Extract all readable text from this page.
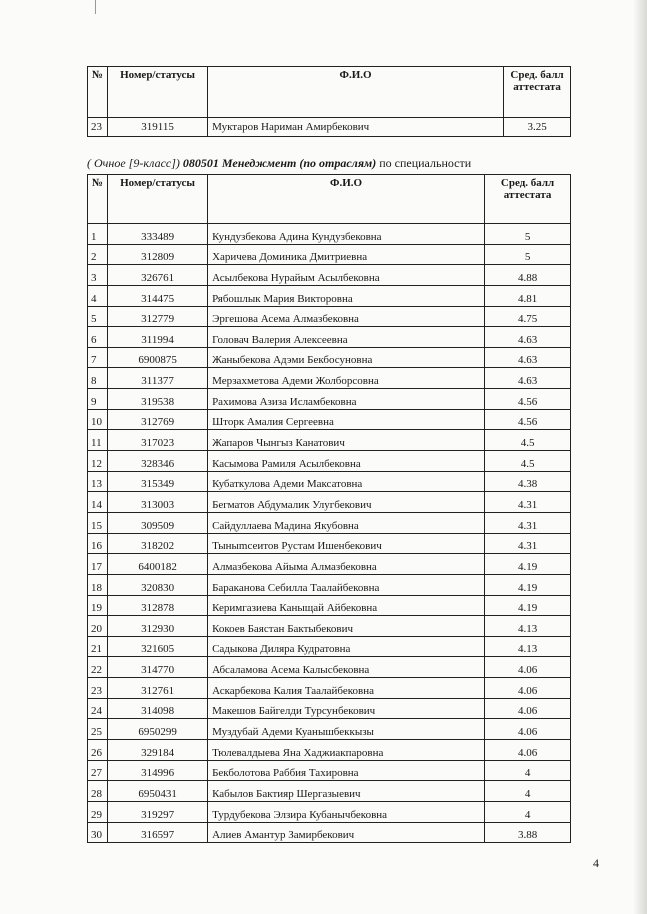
№	Номер/статусы	Ф.И.О	Сред. балл аттестата
23	319115	Муктаров Нариман Амирбекович	3.25
( Очное [9-класс]) 080501 Менеджмент (по отраслям) по специальности
№	Номер/статусы	Ф.И.О	Сред. балл аттестата
1	333489	Кундузбекова Адина Кундузбековна	5
2	312809	Харичева Доминика Дмитриевна	5
3	326761	Асылбекова Нурайым Асылбековна	4.88
4	314475	Рябошлык Мария Викторовна	4.81
5	312779	Эргешова Асема Алмазбековна	4.75
6	311994	Головач Валерия Алексеевна	4.63
7	6900875	Жаныбекова Адэми Бекбосуновна	4.63
8	311377	Мерзахметова Адеми Жолборсовна	4.63
9	319538	Рахимова Азиза Исламбековна	4.56
10	312769	Шторк Амалия Сергеевна	4.56
11	317023	Жапаров Чынгыз Канатович	4.5
12	328346	Касымова Рамиля Асылбековна	4.5
13	315349	Кубаткулова Адеми Максатовна	4.38
14	313003	Бегматов Абдумалик Улугбекович	4.31
15	309509	Сайдуллаева Мадина Якубовна	4.31
16	318202	Тыныmсеитов Рустам Ишенбекович	4.31
17	6400182	Алмазбекова Айыма Алмазбековна	4.19
18	320830	Бараканова Себилла Таалайбековна	4.19
19	312878	Керимгазиева Каныщай Айбековна	4.19
20	312930	Кокоев Баястан Бактыбекович	4.13
21	321605	Садыкова Диляра Кудратовна	4.13
22	314770	Абсаламова Асема Калысбековна	4.06
23	312761	Аскарбекова Калия Таалайбековна	4.06
24	314098	Макешов Байгелди Турсунбекович	4.06
25	6950299	Муздубай Адеми Куанышбеккызы	4.06
26	329184	Тюлевалдыева Яна Хаджиакпаровна	4.06
27	314996	Бекболотова Раббия Тахировна	4
28	6950431	Кабылов Бактияр Шергазыевич	4
29	319297	Турдубекова Элзира Кубанычбековна	4
30	316597	Алиев Амантур Замирбекович	3.88
4
